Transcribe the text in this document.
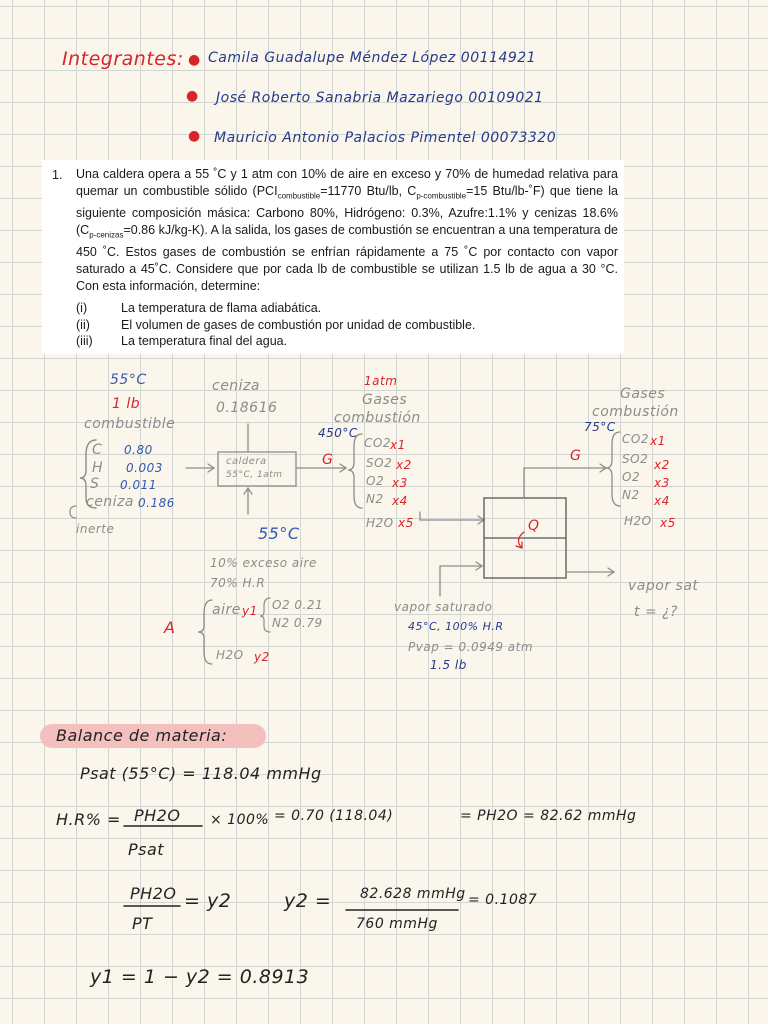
Integrantes: ● Camila Guadalupe Méndez López 00114921
● José Roberto Sanabria Mazariego 00109021
● Mauricio Antonio Palacios Pimentel 00073320
1. Una caldera opera a 55 ˚C y 1 atm con 10% de aire en exceso y 70% de humedad relativa para quemar un combustible sólido ($PCI_{combustible}=11770$ Btu/lb, $C_{p-combustible}=15$ Btu/lb-˚F) que tiene la siguiente composición másica: Carbono 80%, Hidrógeno: 0.3%, Azufre:1.1% y cenizas 18.6% ($C_{p-cenizas}=0.86$ kJ/kg-K). A la salida, los gases de combustión se encuentran a una temperatura de 450 ˚C. Estos gases de combustión se enfrían rápidamente a 75 ˚C por contacto con vapor saturado a 45˚C. Considere que por cada lb de combustible se utilizan 1.5 lb de agua a 30 °C. Con esta información, determine:
(i)	La temperatura de flama adiabática.
(ii)	El volumen de gases de combustión por unidad de combustible.
(iii)	La temperatura final del agua.
55°C
1 lb
combustible
C 0.80
H 0.003
S 0.011
ceniza 0.186
inerte
ceniza
0.18616
caldera
55°C, 1atm
55°C
10% exceso aire
70% H.R
A
aire y1 O2 0.21
N2 0.79
H2O y2
1atm
Gases
combustión
450°C
G
CO2 x1
SO2 x2
O2 x3
N2 x4
H2O x5
vapor saturado
45°C, 100% H.R
Pvap = 0.0949 atm
1.5 lb
Q
Gases
combustión
75°C
G
CO2 x1
SO2 x2
O2 x3
N2 x4
H2O x5
vapor sat
t = ¿?
Balance de materia:
Psat (55°C) = 118.04 mmHg
H.R% = PH2O
Psat
× 100% = 0.70 (118.04)	= PH2O = 82.62 mmHg
PH2O
PT
= y2	y2 = 82.628 mmHg
760 mmHg
= 0.1087
y1 = 1 − y2 = 0.8913
